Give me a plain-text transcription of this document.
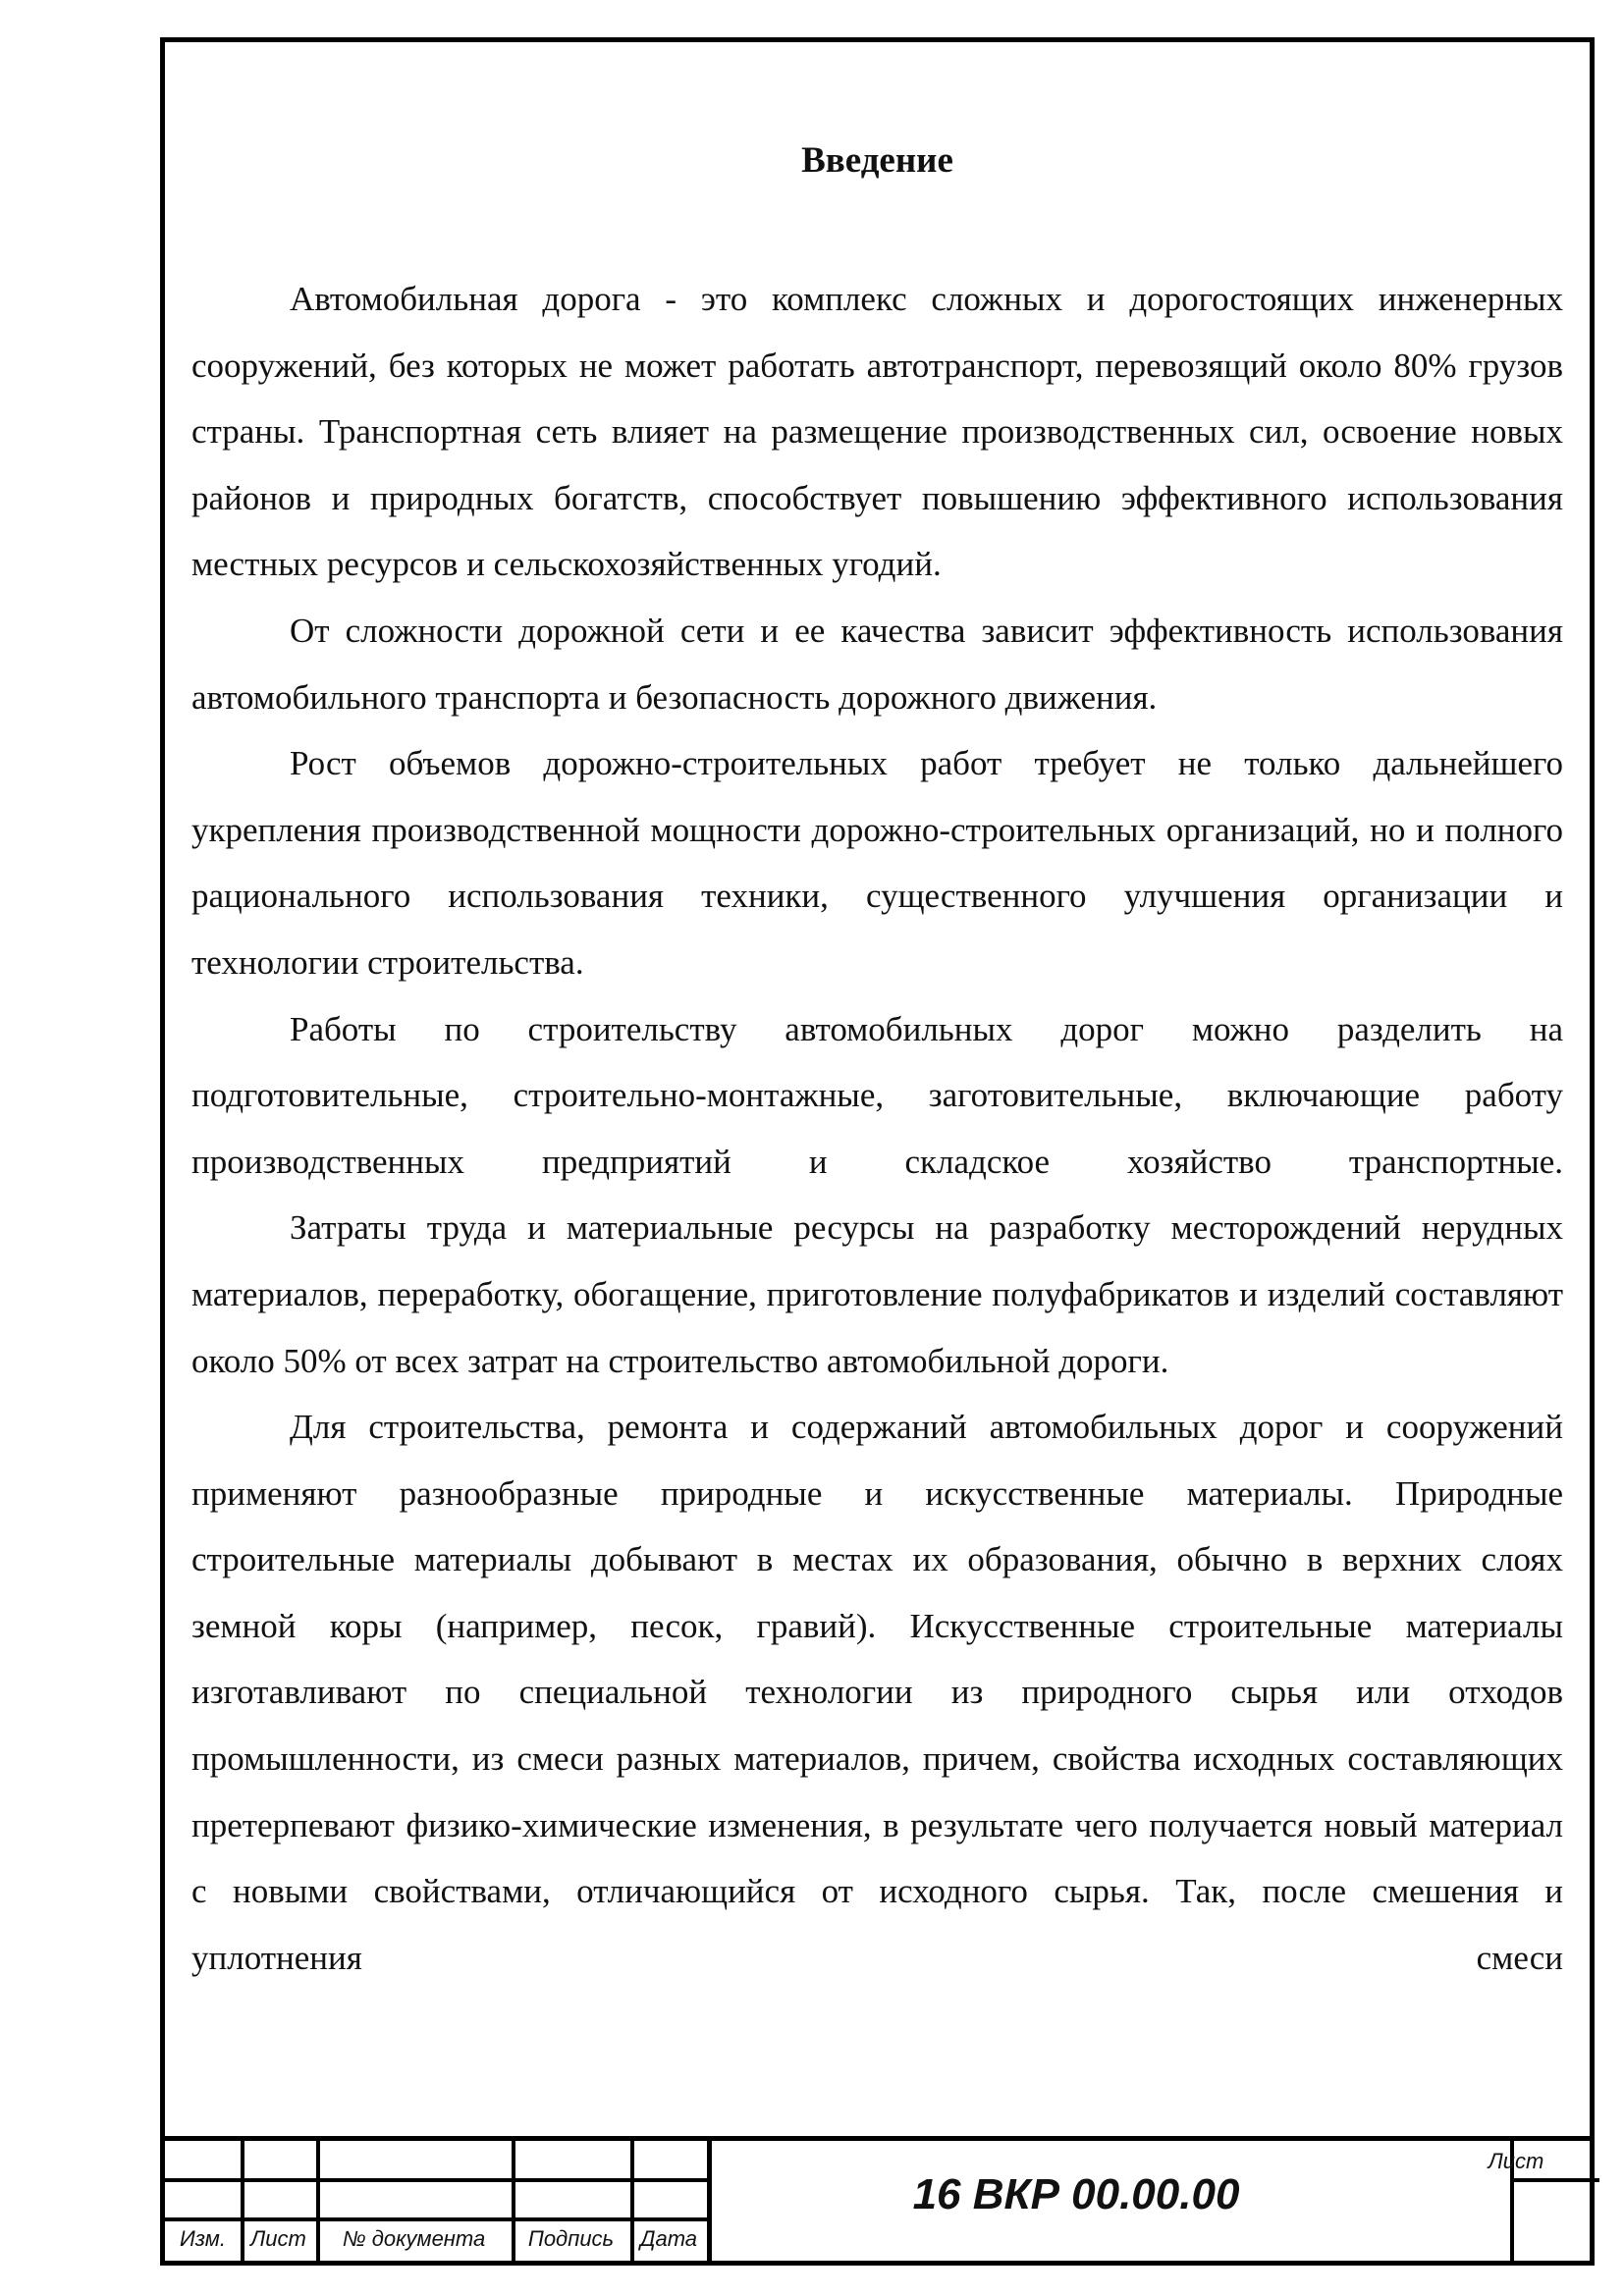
Введение

Автомобильная дорога - это комплекс сложных и дорогостоящих инженерных сооружений, без которых не может работать автотранспорт, перевозящий около 80% грузов страны. Транспортная сеть влияет на размещение производственных сил, освоение новых районов и природных богатств, способствует повышению эффективного использования местных ресурсов и сельскохозяйственных угодий.

От сложности дорожной сети и ее качества зависит эффективность использования автомобильного транспорта и безопасность дорожного движения.

Рост объемов дорожно-строительных работ требует не только дальнейшего укрепления производственной мощности дорожно-строительных организаций, но и полного рационального использования техники, существенного улучшения организации и технологии строительства.

Работы по строительству автомобильных дорог можно разделить на подготовительные, строительно-монтажные, заготовительные, включающие работу производственных предприятий и складское хозяйство транспортные.

Затраты труда и материальные ресурсы на разработку месторождений нерудных материалов, переработку, обогащение, приготовление полуфабрикатов и изделий составляют около 50% от всех затрат на строительство автомобильной дороги.

Для строительства, ремонта и содержаний автомобильных дорог и сооружений применяют разнообразные природные и искусственные материалы. Природные строительные материалы добывают в местах их образования, обычно в верхних слоях земной коры (например, песок, гравий). Искусственные строительные материалы изготавливают по специальной технологии из природного сырья или отходов промышленности, из смеси разных материалов, причем, свойства исходных составляющих претерпевают физико-химические изменения, в результате чего получается новый материал с новыми свойствами, отличающийся от исходного сырья. Так, после смешения и уплотнения смеси

Изм.	Лист	№ документа	Подпись	Дата
16 ВКР 00.00.00
Лист
